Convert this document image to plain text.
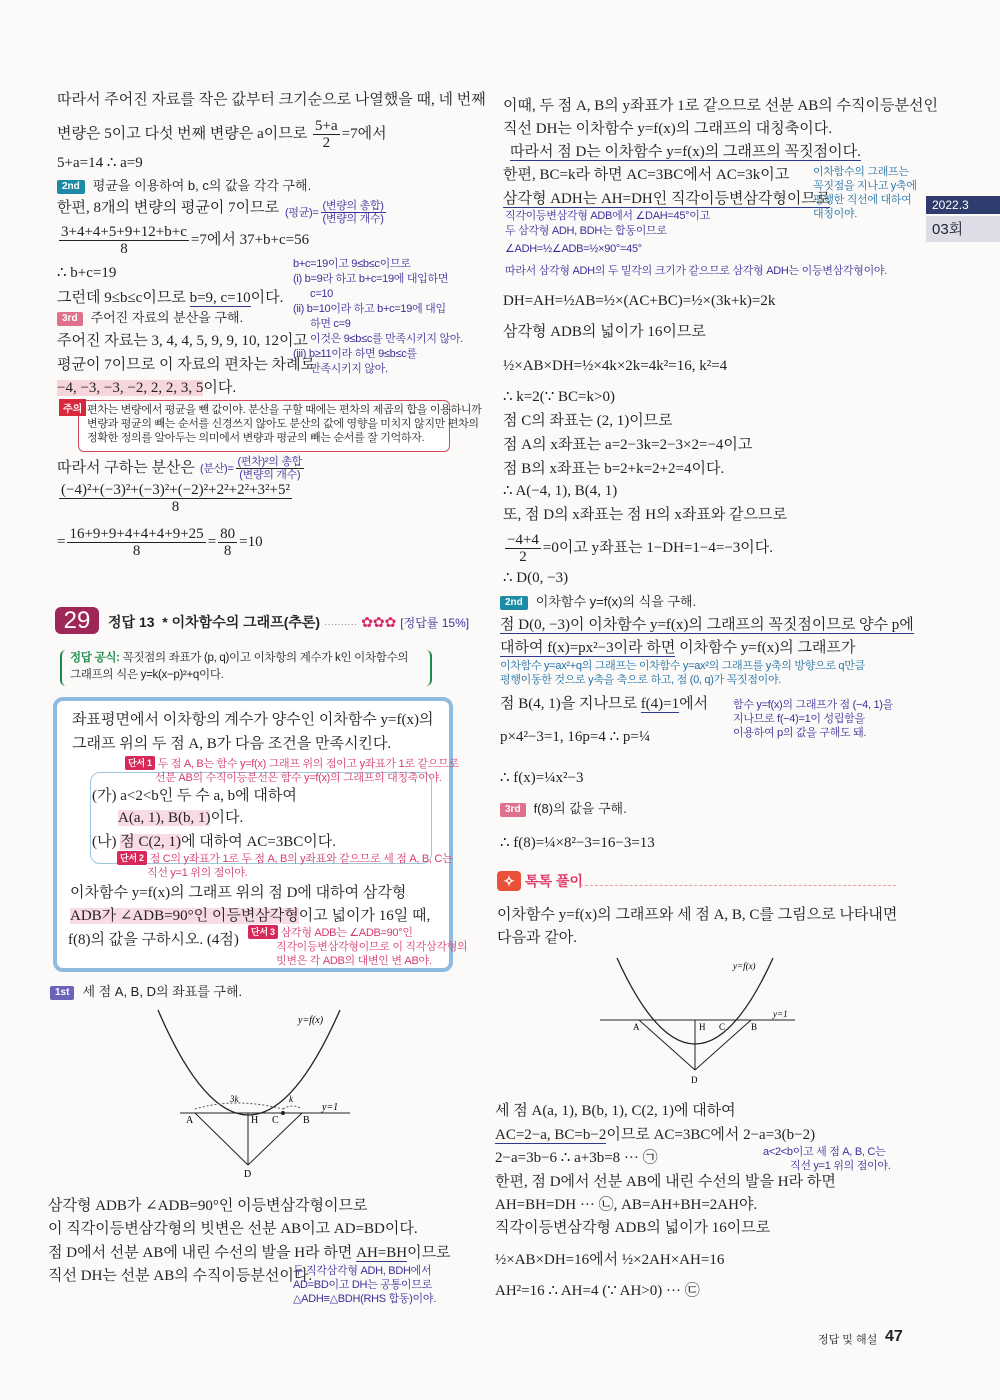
따라서 주어진 자료를 작은 값부터 크기순으로 나열했을 때, 네 번째
변량은 5이고 다섯 번째 변량은 a이므로 $\frac{5+a}{2} =7$에서
5+a=14 ∴ a=9
2nd 평균을 이용하여 b, c의 값을 각각 구해.
한편, 8개의 변량의 평균이 7이므로 (평균)= $\frac{\text{(변량의 총합)}}{\text{(변량의 개수)}}$
$\frac{3+4+4+5+9+12+b+c}{8} =7$에서 37+b+c=56
∴ b+c=19
그런데 9≤b≤c이므로 b=9, c=10이다.
b+c=19이고 9≤b≤c이므로
(i) b=9라 하고 b+c=19에 대입하면
c=10
(ii) b=10이라 하고 b+c=19에 대입
하면 c=9
이것은 9≤b≤c를 만족시키지 않아.
(iii) b≥11이라 하면 9≤b≤c를
만족시키지 않아.
3rd 주어진 자료의 분산을 구해.
주어진 자료는 3, 4, 4, 5, 9, 9, 10, 12이고
평균이 7이므로 이 자료의 편차는 차례로
−4, −3, −3, −2, 2, 2, 3, 5이다.
주의 편차는 변량에서 평균을 뺀 값이야. 분산을 구할 때에는 편차의 제곱의 합을 이용하니까
변량과 평균의 빼는 순서를 신경쓰지 않아도 분산의 값에 영향을 미치지 않지만 편차의
정확한 정의를 알아두는 의미에서 변량과 평균의 빼는 순서를 잘 기억하자.
따라서 구하는 분산은 (분산)= $\frac{\text{(편차)²의 총합}}{\text{(변량의 개수)}}$
$\frac{\text{(−4)²+(−3)²+(−3)²+(−2)²+2²+2²+3²+5²}}{8}$
= $\frac{16+9+9+4+4+4+9+25}{8} = \frac{80}{8} =10$
29	정답 13 * 이차함수의 그래프(추론) ·········· ✿✿✿ [정답률 15%]
정답 공식: 꼭짓점의 좌표가 (p, q)이고 이차항의 계수가 k인 이차함수의
그래프의 식은 y=k(x−p)²+q이다.
좌표평면에서 이차항의 계수가 양수인 이차함수 y=f(x)의
그래프 위의 두 점 A, B가 다음 조건을 만족시킨다.
단서 1 두 점 A, B는 함수 y=f(x) 그래프 위의 점이고 y좌표가 1로 같으므로
선분 AB의 수직이등분선은 함수 y=f(x)의 그래프의 대칭축이야.
(가) a<2<b인 두 수 a, b에 대하여
A(a, 1), B(b, 1)이다.
(나) 점 C(2, 1)에 대하여 AC=3BC이다.
단서 2 점 C의 y좌표가 1로 두 점 A, B의 y좌표와 같으므로 세 점 A, B, C는
직선 y=1 위의 점이야.
이차함수 y=f(x)의 그래프 위의 점 D에 대하여 삼각형
ADB가 ∠ADB=90°인 이등변삼각형이고 넓이가 16일 때,
f(8)의 값을 구하시오. (4점)	단서 3 삼각형 ADB는 ∠ADB=90°인
직각이등변삼각형이므로 이 직각삼각형의
빗변은 각 ADB의 대변인 변 AB야.
1st 세 점 A, B, D의 좌표를 구해.
y=f(x)
y=1
A	H C B
D
3k	k
삼각형 ADB가 ∠ADB=90°인 이등변삼각형이므로
이 직각이등변삼각형의 빗변은 선분 AB이고 AD=BD이다.
점 D에서 선분 AB에 내린 수선의 발을 H라 하면 AH=BH이므로
직선 DH는 선분 AB의 수직이등분선이다.
두 직각삼각형 ADH, BDH에서
AD=BD이고 DH는 공통이므로
△ADH≡△BDH(RHS 합동)이야.
이때, 두 점 A, B의 y좌표가 1로 같으므로 선분 AB의 수직이등분선인
직선 DH는 이차함수 y=f(x)의 그래프의 대칭축이다.
따라서 점 D는 이차함수 y=f(x)의 그래프의 꼭짓점이다.
한편, BC=k라 하면 AC=3BC에서 AC=3k이고
삼각형 ADH는 AH=DH인 직각이등변삼각형이므로
이차함수의 그래프는
꼭짓점을 지나고 y축에
평행한 직선에 대하여
대칭이야.
직각이등변삼각형 ADB에서 ∠DAH=45°이고
두 삼각형 ADH, BDH는 합동이므로
∠ADH=½∠ADB=½×90°=45°
따라서 삼각형 ADH의 두 밑각의 크기가 같으므로 삼각형 ADH는 이등변삼각형이야.
DH=AH=½AB=½×(AC+BC)=½×(3k+k)=2k
삼각형 ADB의 넓이가 16이므로
½×AB×DH=½×4k×2k=4k²=16, k²=4
∴ k=2(∵ BC=k>0)
점 C의 좌표는 (2, 1)이므로
점 A의 x좌표는 a=2−3k=2−3×2=−4이고
점 B의 x좌표는 b=2+k=2+2=4이다.
∴ A(−4, 1), B(4, 1)
또, 점 D의 x좌표는 점 H의 x좌표와 같으므로
$\frac{-4+4}{2} =0$이고 y좌표는 1−DH=1−4=−3이다.
∴ D(0, −3)
2nd 이차함수 y=f(x)의 식을 구해.
점 D(0, −3)이 이차함수 y=f(x)의 그래프의 꼭짓점이므로 양수 p에
대하여 f(x)=px²−3이라 하면 이차함수 y=f(x)의 그래프가
이차함수 y=ax²+q의 그래프는 이차함수 y=ax²의 그래프를 y축의 방향으로 q만큼
평행이동한 것으로 y축을 축으로 하고, 점 (0, q)가 꼭짓점이야.
점 B(4, 1)을 지나므로 f(4)=1에서 함수 y=f(x)의 그래프가 점 (−4, 1)을
지나므로 f(−4)=1이 성립함을
이용하여 p의 값을 구해도 돼.
p×4²−3=1, 16p=4 ∴ p=¼
∴ f(x)=¼x²−3
3rd f(8)의 값을 구해.
∴ f(8)=¼×8²−3=16−3=13
✧ 톡톡 풀이
이차함수 y=f(x)의 그래프와 세 점 A, B, C를 그림으로 나타내면
다음과 같아.
y=f(x)
y=1
A	H C	B
D
세 점 A(a, 1), B(b, 1), C(2, 1)에 대하여
AC=2−a, BC=b−2이므로 AC=3BC에서 2−a=3(b−2)
2−a=3b−6 ∴ a+3b=8 ··· ㉠	a<2<b이고 세 점 A, B, C는
직선 y=1 위의 점이야.
한편, 점 D에서 선분 AB에 내린 수선의 발을 H라 하면
AH=BH=DH ··· ㉡, AB=AH+BH=2AH야.
직각이등변삼각형 ADB의 넓이가 16이므로
½×AB×DH=16에서 ½×2AH×AH=16
AH²=16 ∴ AH=4 (∵ AH>0) ··· ㉢
2022.3
03회
정답 및 해설 47
